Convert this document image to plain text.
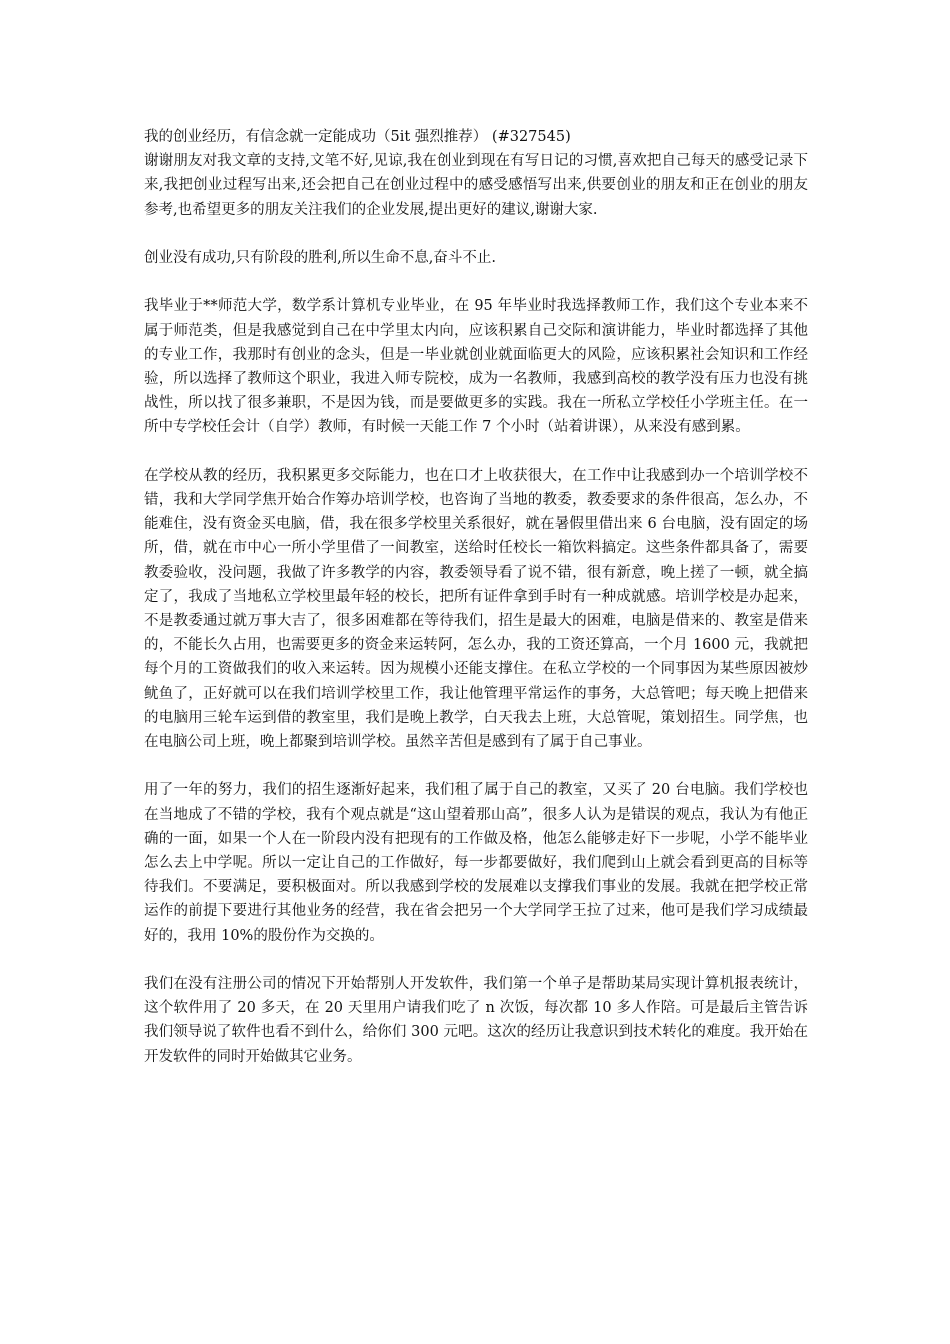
我的创业经历，有信念就一定能成功（5it 强烈推荐） (#327545)

谢谢朋友对我文章的支持,文笔不好,见谅,我在创业到现在有写日记的习惯,喜欢把自己每天的感受记录下来,我把创业过程写出来,还会把自己在创业过程中的感受感悟写出来,供要创业的朋友和正在创业的朋友参考,也希望更多的朋友关注我们的企业发展,提出更好的建议,谢谢大家.

创业没有成功,只有阶段的胜利,所以生命不息,奋斗不止.

我毕业于**师范大学，数学系计算机专业毕业，在 95 年毕业时我选择教师工作，我们这个专业本来不属于师范类，但是我感觉到自己在中学里太内向，应该积累自己交际和演讲能力，毕业时都选择了其他的专业工作，我那时有创业的念头，但是一毕业就创业就面临更大的风险，应该积累社会知识和工作经验，所以选择了教师这个职业，我进入师专院校，成为一名教师，我感到高校的教学没有压力也没有挑战性，所以找了很多兼职，不是因为钱，而是要做更多的实践。我在一所私立学校任小学班主任。在一所中专学校任会计（自学）教师，有时候一天能工作 7 个小时（站着讲课），从来没有感到累。

在学校从教的经历，我积累更多交际能力，也在口才上收获很大，在工作中让我感到办一个培训学校不错，我和大学同学焦开始合作筹办培训学校，也咨询了当地的教委，教委要求的条件很高，怎么办，不能难住，没有资金买电脑，借，我在很多学校里关系很好，就在暑假里借出来 6 台电脑，没有固定的场所，借，就在市中心一所小学里借了一间教室，送给时任校长一箱饮料搞定。这些条件都具备了，需要教委验收，没问题，我做了许多教学的内容，教委领导看了说不错，很有新意，晚上搓了一顿，就全搞定了，我成了当地私立学校里最年轻的校长，把所有证件拿到手时有一种成就感。培训学校是办起来，不是教委通过就万事大吉了，很多困难都在等待我们，招生是最大的困难，电脑是借来的、教室是借来的，不能长久占用，也需要更多的资金来运转阿，怎么办，我的工资还算高，一个月 1600 元，我就把每个月的工资做我们的收入来运转。因为规模小还能支撑住。在私立学校的一个同事因为某些原因被炒鱿鱼了，正好就可以在我们培训学校里工作，我让他管理平常运作的事务，大总管吧；每天晚上把借来的电脑用三轮车运到借的教室里，我们是晚上教学，白天我去上班，大总管呢，策划招生。同学焦，也在电脑公司上班，晚上都聚到培训学校。虽然辛苦但是感到有了属于自己事业。

用了一年的努力，我们的招生逐渐好起来，我们租了属于自己的教室，又买了 20 台电脑。我们学校也在当地成了不错的学校，我有个观点就是“这山望着那山高”，很多人认为是错误的观点，我认为有他正确的一面，如果一个人在一阶段内没有把现有的工作做及格，他怎么能够走好下一步呢，小学不能毕业怎么去上中学呢。所以一定让自己的工作做好，每一步都要做好，我们爬到山上就会看到更高的目标等待我们。不要满足，要积极面对。所以我感到学校的发展难以支撑我们事业的发展。我就在把学校正常运作的前提下要进行其他业务的经营，我在省会把另一个大学同学王拉了过来，他可是我们学习成绩最好的，我用 10%的股份作为交换的。

我们在没有注册公司的情况下开始帮别人开发软件，我们第一个单子是帮助某局实现计算机报表统计，这个软件用了 20 多天，在 20 天里用户请我们吃了 n 次饭，每次都 10 多人作陪。可是最后主管告诉我们领导说了软件也看不到什么，给你们 300 元吧。这次的经历让我意识到技术转化的难度。我开始在开发软件的同时开始做其它业务。
